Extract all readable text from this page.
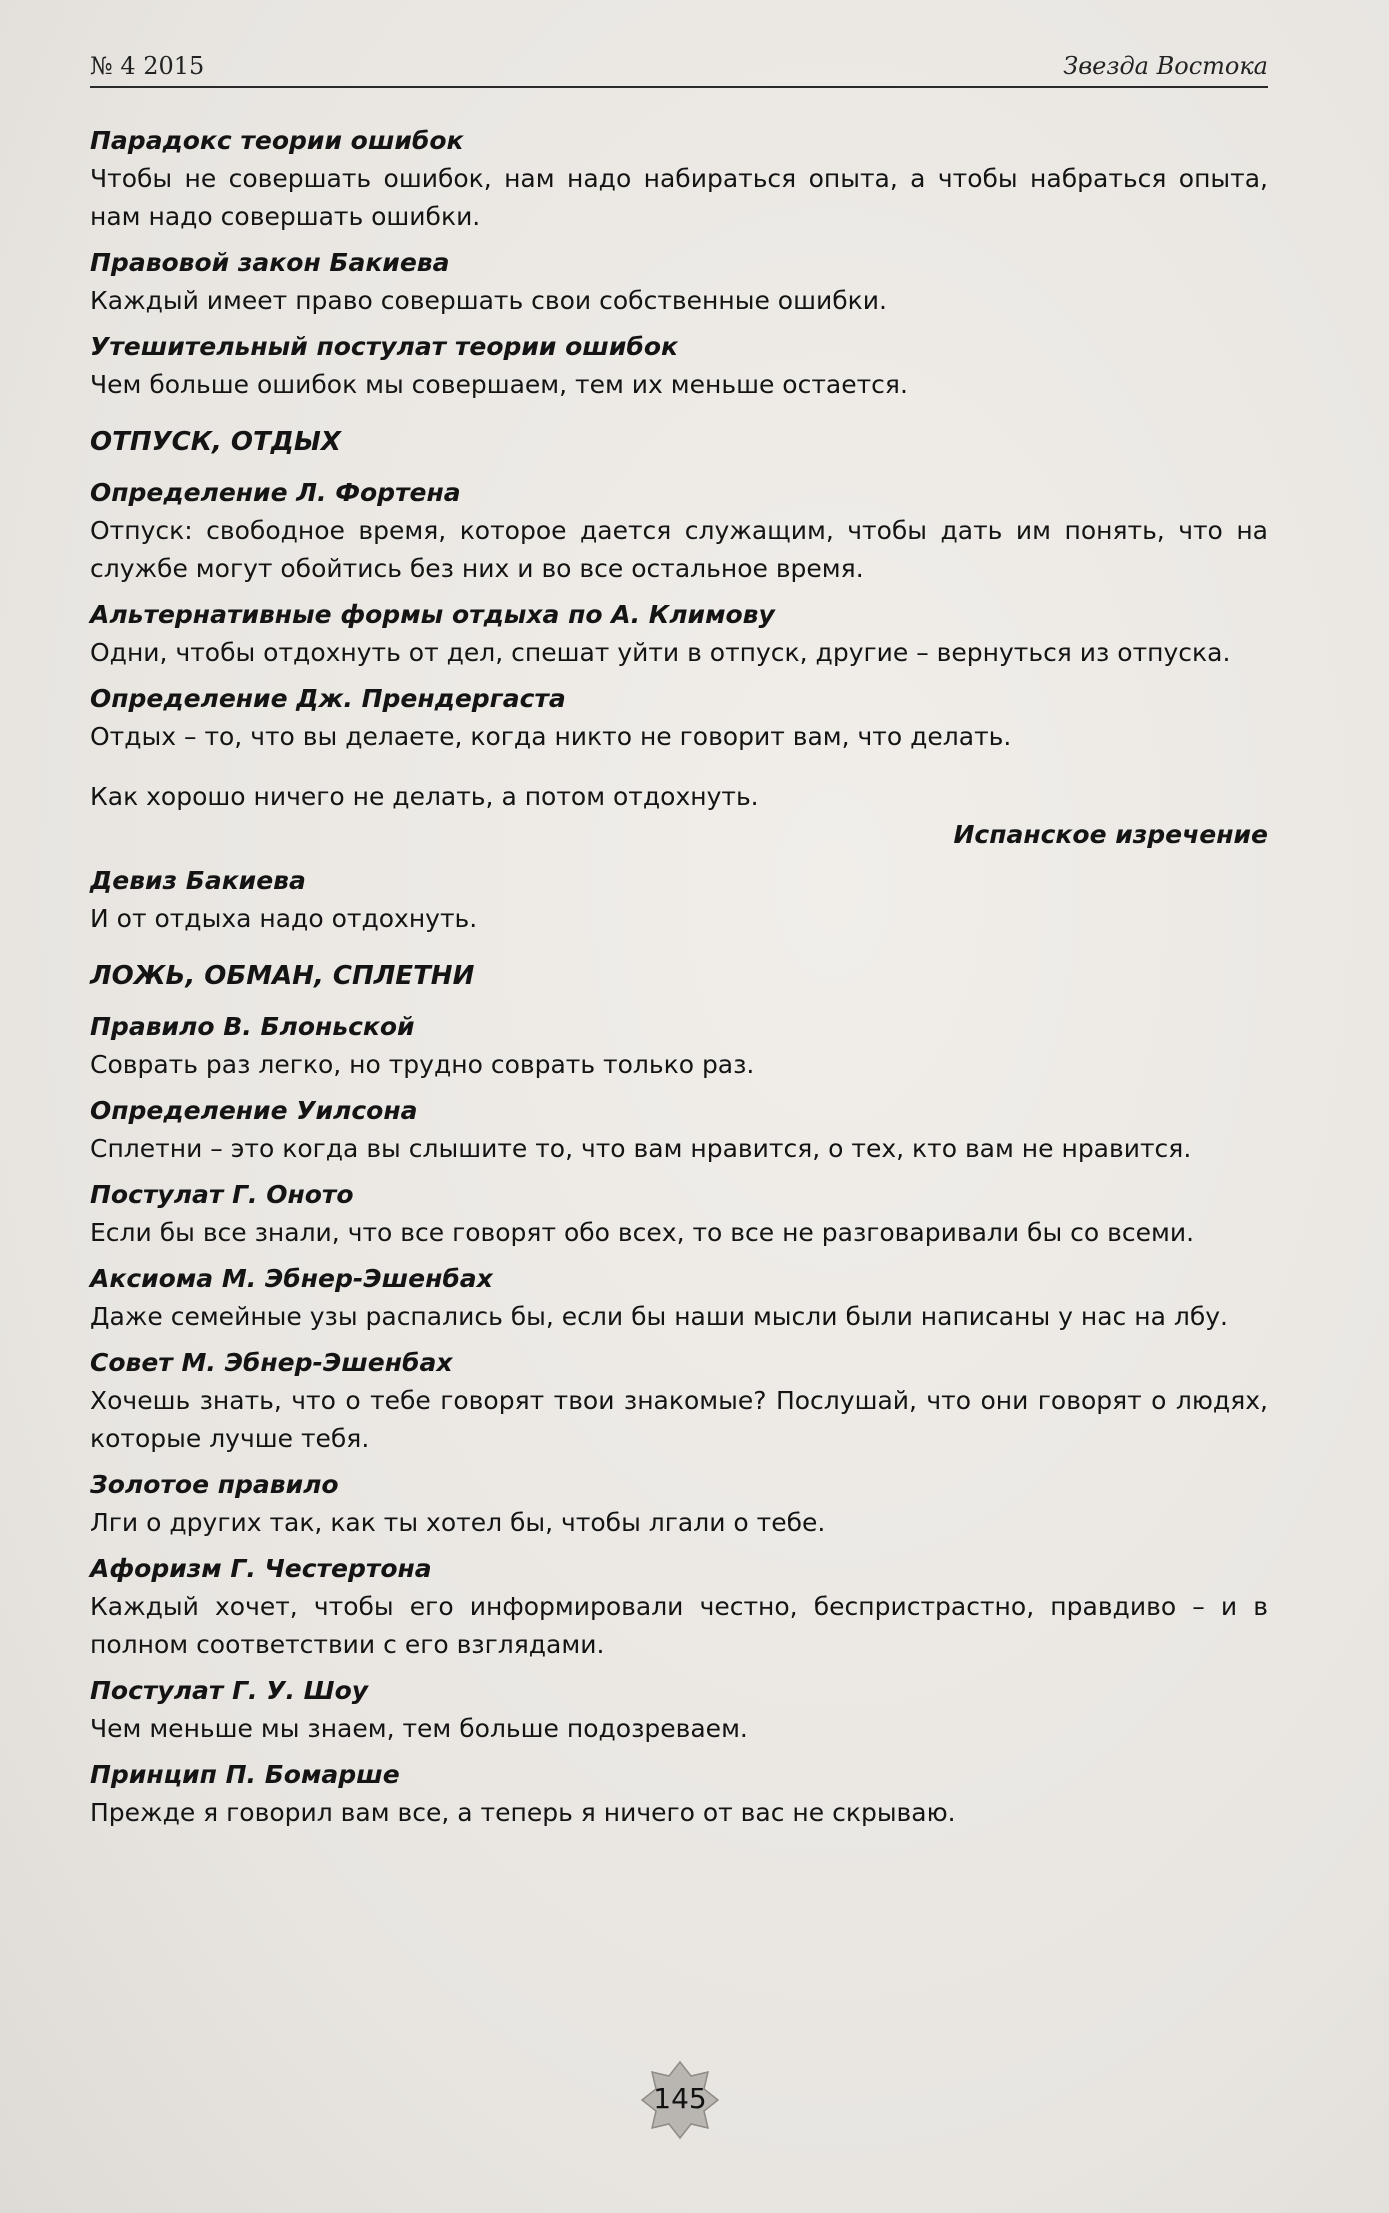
№ 4 2015	Звезда Востока
Парадокс теории ошибок
Чтобы не совершать ошибок, нам надо набираться опыта, а чтобы набраться опыта, нам надо совершать ошибки.
Правовой закон Бакиева
Каждый имеет право совершать свои собственные ошибки.
Утешительный постулат теории ошибок
Чем больше ошибок мы совершаем, тем их меньше остается.
ОТПУСК, ОТДЫХ
Определение Л. Фортена
Отпуск: свободное время, которое дается служащим, чтобы дать им понять, что на службе могут обойтись без них и во все остальное время.
Альтернативные формы отдыха по А. Климову
Одни, чтобы отдохнуть от дел, спешат уйти в отпуск, другие – вернуться из отпуска.
Определение Дж. Прендергаста
Отдых – то, что вы делаете, когда никто не говорит вам, что делать.
Как хорошо ничего не делать, а потом отдохнуть.
Испанское изречение
Девиз Бакиева
И от отдыха надо отдохнуть.
ЛОЖЬ, ОБМАН, СПЛЕТНИ
Правило В. Блоньской
Соврать раз легко, но трудно соврать только раз.
Определение Уилсона
Сплетни – это когда вы слышите то, что вам нравится, о тех, кто вам не нравится.
Постулат Г. Оното
Если бы все знали, что все говорят обо всех, то все не разговаривали бы со всеми.
Аксиома М. Эбнер-Эшенбах
Даже семейные узы распались бы, если бы наши мысли были написаны у нас на лбу.
Совет М. Эбнер-Эшенбах
Хочешь знать, что о тебе говорят твои знакомые? Послушай, что они говорят о людях, которые лучше тебя.
Золотое правило
Лги о других так, как ты хотел бы, чтобы лгали о тебе.
Афоризм Г. Честертона
Каждый хочет, чтобы его информировали честно, беспристрастно, правдиво – и в полном соответствии с его взглядами.
Постулат Г. У. Шоу
Чем меньше мы знаем, тем больше подозреваем.
Принцип П. Бомарше
Прежде я говорил вам все, а теперь я ничего от вас не скрываю.
145
